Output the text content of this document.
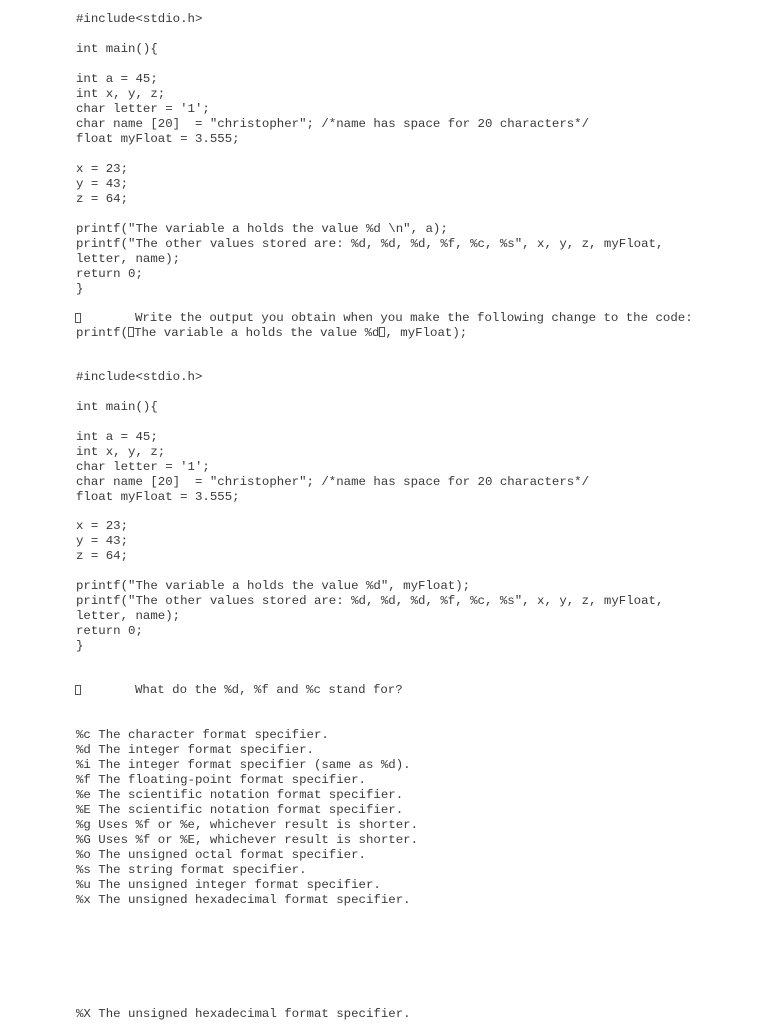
#include<stdio.h>
int main(){
int a = 45;
int x, y, z;
char letter = '1';
char name [20]  = "christopher"; /*name has space for 20 characters*/
float myFloat = 3.555;
x = 23;
y = 43;
z = 64;
printf("The variable a holds the value %d \n", a);
printf("The other values stored are: %d, %d, %d, %f, %c, %s", x, y, z, myFloat,
letter, name);
return 0;
}
Write the output you obtain when you make the following change to the code:
printf( The variable a holds the value %d , myFloat);
#include<stdio.h>
int main(){
int a = 45;
int x, y, z;
char letter = '1';
char name [20]  = "christopher"; /*name has space for 20 characters*/
float myFloat = 3.555;
x = 23;
y = 43;
z = 64;
printf("The variable a holds the value %d", myFloat);
printf("The other values stored are: %d, %d, %d, %f, %c, %s", x, y, z, myFloat,
letter, name);
return 0;
}
What do the %d, %f and %c stand for?
%c The character format specifier.
%d The integer format specifier.
%i The integer format specifier (same as %d).
%f The floating-point format specifier.
%e The scientific notation format specifier.
%E The scientific notation format specifier.
%g Uses %f or %e, whichever result is shorter.
%G Uses %f or %E, whichever result is shorter.
%o The unsigned octal format specifier.
%s The string format specifier.
%u The unsigned integer format specifier.
%x The unsigned hexadecimal format specifier.
%X The unsigned hexadecimal format specifier.
